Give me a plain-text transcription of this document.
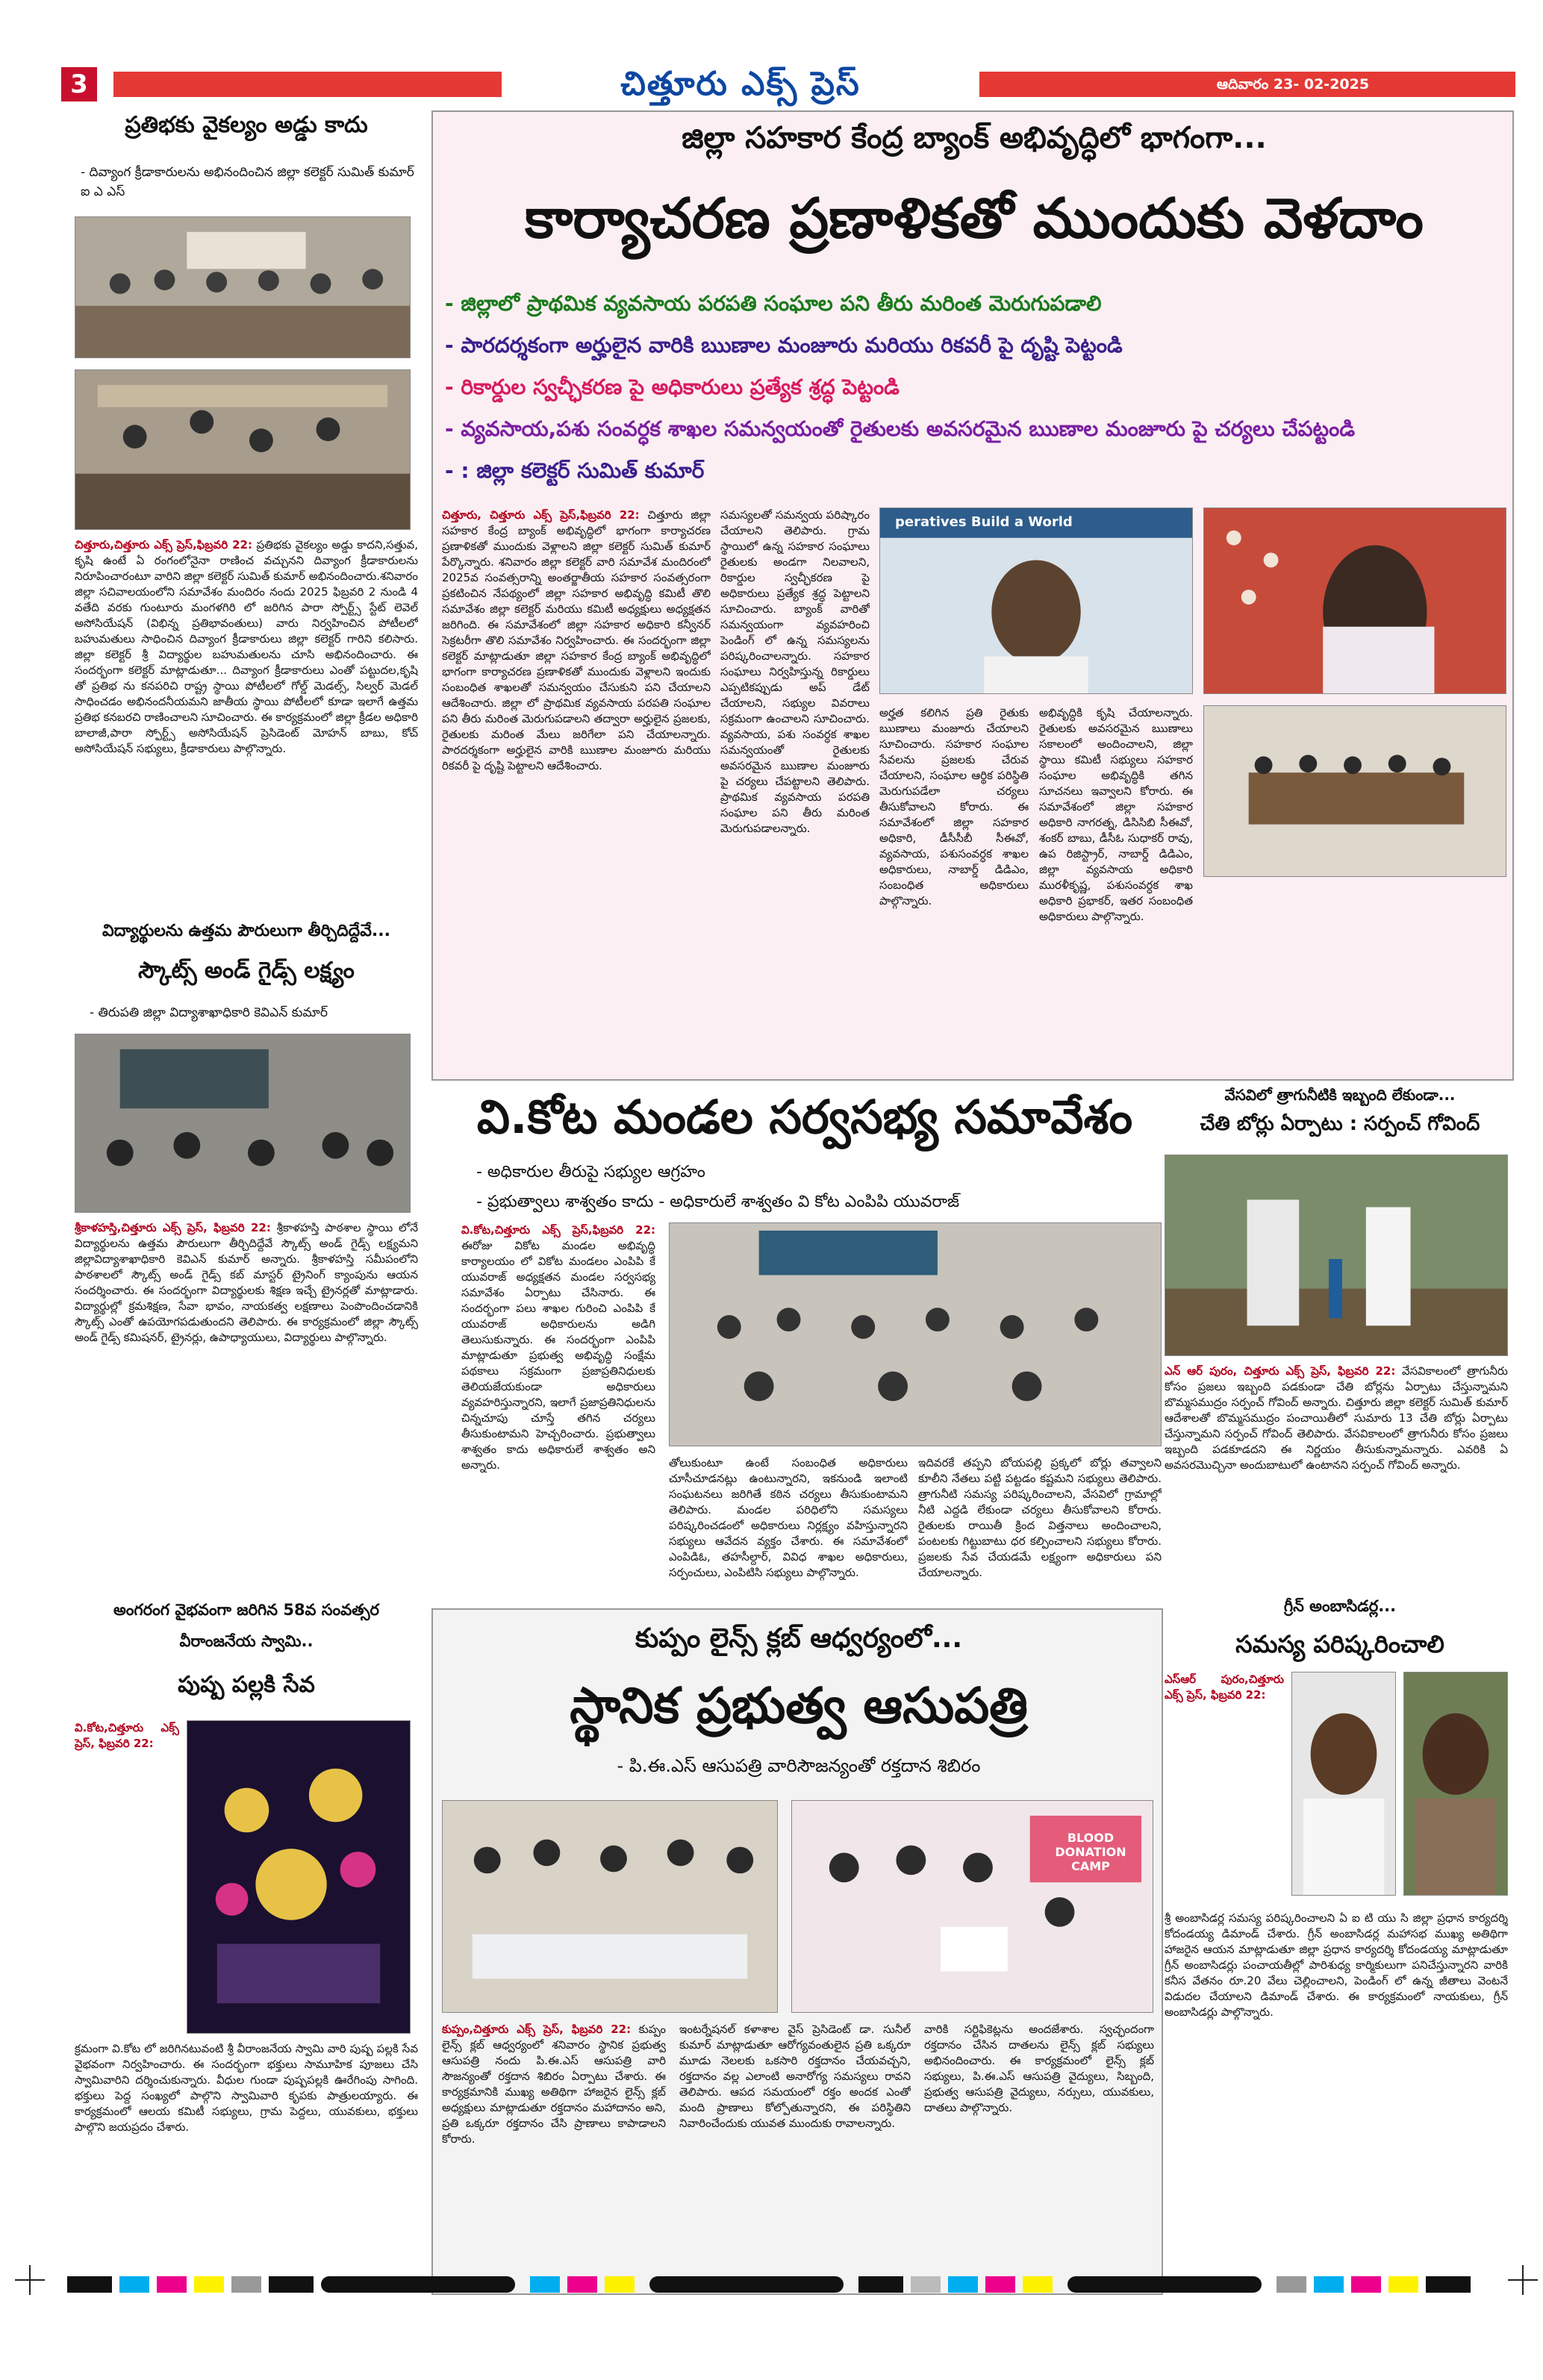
3	చిత్తూరు ఎక్స్ ప్రెస్	ఆదివారం 23- 02-2025
ప్రతిభకు వైకల్యం అడ్డు కాదు
- దివ్యాంగ క్రీడాకారులను అభినందించిన జిల్లా కలెక్టర్ సుమిత్ కుమార్ ఐ ఎ ఎస్
చిత్తూరు,చిత్తూరు ఎక్స్ ప్రెస్,ఫిబ్రవరి 22: ప్రతిభకు వైకల్యం అడ్డు కాదని,సత్తువ, కృషి ఉంటే ఏ రంగంలోనైనా రాణించ వచ్చునని దివ్యాంగ క్రీడాకారులను నిరూపించారంటూ వారిని జిల్లా కలెక్టర్ సుమిత్ కుమార్ అభినందించారు.శనివారం జిల్లా సచివాలయంలోని సమావేశం మందిరం నందు 2025 ఫిబ్రవరి 2 నుండి 4 వతేది వరకు గుంటూరు మంగళగిరి లో జరిగిన పారా స్పోర్ట్స్ స్టేట్ లెవెల్ అసోసియేషన్ (విభిన్న ప్రతిభావంతులు) వారు నిర్వహించిన పోటీలలో బహుమతులు సాధించిన దివ్యాంగ క్రీడాకారులు జిల్లా కలెక్టర్ గారిని కలిసారు. జిల్లా కలెక్టర్ శ్రీ విద్యార్థుల బహుమతులను చూసి అభినందించారు. ఈ సందర్భంగా కలెక్టర్ మాట్లాడుతూ... దివ్యాంగ క్రీడాకారులు ఎంతో పట్టుదల,కృషి తో ప్రతిభ ను కనపరిచి రాష్ట్ర స్థాయి పోటీలలో గోల్డ్ మెడల్స్, సిల్వర్ మెడల్ సాధించడం అభినందనీయమని జాతీయ స్థాయి పోటీలలో కూడా ఇలాగే ఉత్తమ ప్రతిభ కనబరచి రాణించాలని సూచించారు. ఈ కార్యక్రమంలో జిల్లా క్రీడల అధికారి బాలాజీ,పారా స్పోర్ట్స్ అసోసియేషన్ ప్రెసిడెంట్ మోహన్ బాబు, కోచ్ అసోసియేషన్ సభ్యులు, క్రీడాకారులు పాల్గొన్నారు.
విద్యార్థులను ఉత్తమ పౌరులుగా తీర్చిదిద్దేవే...
స్కౌట్స్ అండ్ గైడ్స్ లక్ష్యం
- తిరుపతి జిల్లా విద్యాశాఖాధికారి కెవిఎన్ కుమార్
శ్రీకాళహస్తి,చిత్తూరు ఎక్స్ ప్రెస్, ఫిబ్రవరి 22: శ్రీకాళహస్తి పాఠశాల స్థాయి లోనే విద్యార్థులను ఉత్తమ పౌరులుగా తీర్చిదిద్దేవే స్కౌట్స్ అండ్ గైడ్స్ లక్ష్యమని జిల్లావిద్యాశాఖాధికారి కెవిఎన్ కుమార్ అన్నారు. శ్రీకాళహస్తి సమీపంలోని పాఠశాలలో స్కౌట్స్ అండ్ గైడ్స్ కబ్ మాస్టర్ ట్రైనింగ్ క్యాంపును ఆయన సందర్శించారు. ఈ సందర్భంగా విద్యార్థులకు శిక్షణ ఇచ్చే ట్రైనర్లతో మాట్లాడారు. విద్యార్థుల్లో క్రమశిక్షణ, సేవా భావం, నాయకత్వ లక్షణాలు పెంపొందించడానికి స్కౌట్స్ ఎంతో ఉపయోగపడుతుందని తెలిపారు. ఈ కార్యక్రమంలో జిల్లా స్కౌట్స్ అండ్ గైడ్స్ కమిషనర్, ట్రైనర్లు, ఉపాధ్యాయులు, విద్యార్థులు పాల్గొన్నారు.
అంగరంగ వైభవంగా జరిగిన 58వ సంవత్సర
వీరాంజనేయ స్వామి..
పుష్ప పల్లకి సేవ
వి.కోట,చిత్తూరు ఎక్స్ ప్రెస్, ఫిబ్రవరి 22:
క్రమంగా వి.కోట లో జరిగినటువంటి శ్రీ వీరాంజనేయ స్వామి వారి పుష్ప పల్లకి సేవ వైభవంగా నిర్వహించారు. ఈ సందర్భంగా భక్తులు సామూహిక పూజలు చేసి స్వామివారిని దర్శించుకున్నారు. వీధుల గుండా పుష్పపల్లకి ఊరేగింపు సాగింది. భక్తులు పెద్ద సంఖ్యలో పాల్గొని స్వామివారి కృపకు పాత్రులయ్యారు. ఈ కార్యక్రమంలో ఆలయ కమిటీ సభ్యులు, గ్రామ పెద్దలు, యువకులు, భక్తులు పాల్గొని జయప్రదం చేశారు.
జిల్లా సహకార కేంద్ర బ్యాంక్ అభివృద్ధిలో భాగంగా...
కార్యాచరణ ప్రణాళికతో ముందుకు వెళదాం
- జిల్లాలో ప్రాథమిక వ్యవసాయ పరపతి సంఘాల పని తీరు మరింత మెరుగుపడాలి
- పారదర్శకంగా అర్హులైన వారికి ఋణాల మంజూరు మరియు రికవరీ పై దృష్టి పెట్టండి
- రికార్డుల స్వచ్ఛీకరణ పై అధికారులు ప్రత్యేక శ్రద్ధ పెట్టండి
- వ్యవసాయ,పశు సంవర్ధక శాఖల సమన్వయంతో రైతులకు అవసరమైన ఋణాల మంజూరు పై చర్యలు చేపట్టండి
- : జిల్లా కలెక్టర్ సుమిత్ కుమార్
చిత్తూరు, చిత్తూరు ఎక్స్ ప్రెస్,ఫిబ్రవరి 22: చిత్తూరు జిల్లా సహకార కేంద్ర బ్యాంక్ అభివృద్ధిలో భాగంగా కార్యాచరణ ప్రణాళికతో ముందుకు వెళ్లాలని జిల్లా కలెక్టర్ సుమిత్ కుమార్ పేర్కొన్నారు. శనివారం జిల్లా కలెక్టర్ వారి సమావేశ మందిరంలో 2025వ సంవత్సరాన్ని అంతర్జాతీయ సహకార సంవత్సరంగా ప్రకటించిన నేపథ్యంలో జిల్లా సహకార అభివృద్ధి కమిటీ తొలి సమావేశం జిల్లా కలెక్టర్ మరియు కమిటీ అధ్యక్షులు అధ్యక్షతన జరిగింది. ఈ సమావేశంలో జిల్లా సహకార అధికారి కన్వీనర్ సెక్రటరీగా తొలి సమావేశం నిర్వహించారు. ఈ సందర్భంగా జిల్లా కలెక్టర్ మాట్లాడుతూ జిల్లా సహకార కేంద్ర బ్యాంక్ అభివృద్ధిలో భాగంగా కార్యాచరణ ప్రణాళికతో ముందుకు వెళ్లాలని ఇందుకు సంబంధిత శాఖలతో సమన్వయం చేసుకుని పని చేయాలని ఆదేశించారు. జిల్లా లో ప్రాథమిక వ్యవసాయ పరపతి సంఘాల పని తీరు మరింత మెరుగుపడాలని తద్వారా అర్హులైన ప్రజలకు, రైతులకు మరింత మేలు జరిగేలా పని చేయాలన్నారు. పారదర్శకంగా అర్హులైన వారికి ఋణాల మంజూరు మరియు రికవరీ పై దృష్టి పెట్టాలని ఆదేశించారు.
సమస్యలతో సమన్వయ పరిష్కారం చేయాలని తెలిపారు. గ్రామ స్థాయిలో ఉన్న సహకార సంఘాలు రైతులకు అండగా నిలవాలని, రికార్డుల స్వచ్ఛీకరణ పై అధికారులు ప్రత్యేక శ్రద్ధ పెట్టాలని సూచించారు. బ్యాంక్ వారితో సమన్వయంగా వ్యవహరించి పెండింగ్ లో ఉన్న సమస్యలను పరిష్కరించాలన్నారు. సహకార సంఘాలు నిర్వహిస్తున్న రికార్డులు ఎప్పటికప్పుడు అప్ డేట్ చేయాలని, సభ్యుల వివరాలు సక్రమంగా ఉంచాలని సూచించారు. వ్యవసాయ, పశు సంవర్ధక శాఖల సమన్వయంతో రైతులకు అవసరమైన ఋణాల మంజూరు పై చర్యలు చేపట్టాలని తెలిపారు. ప్రాథమిక వ్యవసాయ పరపతి సంఘాల పని తీరు మరింత మెరుగుపడాలన్నారు.
peratives Build a World
అర్హత కలిగిన ప్రతి రైతుకు ఋణాలు మంజూరు చేయాలని సూచించారు. సహకార సంఘాల సేవలను ప్రజలకు చేరువ చేయాలని, సంఘాల ఆర్థిక పరిస్థితి మెరుగుపడేలా చర్యలు తీసుకోవాలని కోరారు. ఈ సమావేశంలో జిల్లా సహకార అధికారి, డీసీసీబీ సీఈవో, వ్యవసాయ, పశుసంవర్ధక శాఖల అధికారులు, నాబార్డ్ డిడిఎం, సంబంధిత అధికారులు పాల్గొన్నారు.
అభివృద్ధికి కృషి చేయాలన్నారు. రైతులకు అవసరమైన ఋణాలు సకాలంలో అందించాలని, జిల్లా స్థాయి కమిటీ సభ్యులు సహకార సంఘాల అభివృద్ధికి తగిన సూచనలు ఇవ్వాలని కోరారు. ఈ సమావేశంలో జిల్లా సహకార అధికారి నాగరత్న, డిసిసిబి సీఈవో, శంకర్ బాబు, డీసీఓ సుధాకర్ రావు, ఉప రిజిస్ట్రార్, నాబార్డ్ డిడిఎం, జిల్లా వ్యవసాయ అధికారి మురళీకృష్ణ, పశుసంవర్ధక శాఖ అధికారి ప్రభాకర్, ఇతర సంబంధిత అధికారులు పాల్గొన్నారు.
వి.కోట మండల సర్వసభ్య సమావేశం
- అధికారుల తీరుపై సభ్యుల ఆగ్రహం
- ప్రభుత్వాలు శాశ్వతం కాదు - అధికారులే శాశ్వతం వి కోట ఎంపిపి యువరాజ్
వి.కోట,చిత్తూరు ఎక్స్ ప్రెస్,ఫిబ్రవరి 22: ఈరోజు వికోట మండల అభివృద్ధి కార్యాలయం లో వికోట మండలం ఎంపిపి కే యువరాజ్ అధ్యక్షతన మండల సర్వసభ్య సమావేశం ఏర్పాటు చేసినారు. ఈ సందర్భంగా పలు శాఖల గురించి ఎంపిపి కే యువరాజ్ అధికారులను అడిగి తెలుసుకున్నారు. ఈ సందర్భంగా ఎంపిపి మాట్లాడుతూ ప్రభుత్వ అభివృద్ధి సంక్షేమ పథకాలు సక్రమంగా ప్రజాప్రతినిధులకు తెలియజేయకుండా అధికారులు వ్యవహరిస్తున్నారని, ఇలాగే ప్రజాప్రతినిధులను చిన్నచూపు చూస్తే తగిన చర్యలు తీసుకుంటామని హెచ్చరించారు. ప్రభుత్వాలు శాశ్వతం కాదు అధికారులే శాశ్వతం అని అన్నారు.	తోలుకుంటూ ఉంటే సంబంధిత అధికారులు చూసీచూడనట్లు ఉంటున్నారని, ఇకనుండి ఇలాంటి సంఘటనలు జరిగితే కఠిన చర్యలు తీసుకుంటామని తెలిపారు. మండల పరిధిలోని సమస్యలు పరిష్కరించడంలో అధికారులు నిర్లక్ష్యం వహిస్తున్నారని సభ్యులు ఆవేదన వ్యక్తం చేశారు. ఈ సమావేశంలో ఎంపిడిఓ, తహసీల్దార్, వివిధ శాఖల అధికారులు, సర్పంచులు, ఎంపిటిసి సభ్యులు పాల్గొన్నారు.
ఇదివరకే తప్పని బోయపల్లి ప్రక్కలో బోర్లు తవ్వాలని కూలీని నేతలు పట్టి పట్టడం కష్టమని సభ్యులు తెలిపారు. త్రాగునీటి సమస్య పరిష్కరించాలని, వేసవిలో గ్రామాల్లో నీటి ఎద్దడి లేకుండా చర్యలు తీసుకోవాలని కోరారు. రైతులకు రాయితీ క్రింద విత్తనాలు అందించాలని, పంటలకు గిట్టుబాటు ధర కల్పించాలని సభ్యులు కోరారు. ప్రజలకు సేవ చేయడమే లక్ష్యంగా అధికారులు పని చేయాలన్నారు.
వేసవిలో త్రాగునీటికి ఇబ్బంది లేకుండా...
చేతి బోర్లు ఏర్పాటు : సర్పంచ్ గోవింద్
ఎన్ ఆర్ పురం, చిత్తూరు ఎక్స్ ప్రెస్, ఫిబ్రవరి 22: వేసవికాలంలో త్రాగునీరు కోసం ప్రజలు ఇబ్బంది పడకుండా చేతి బోర్లను ఏర్పాటు చేస్తున్నామని బొమ్మసముద్రం సర్పంచ్ గోవింద్ అన్నారు. చిత్తూరు జిల్లా కలెక్టర్ సుమిత్ కుమార్ ఆదేశాలతో బొమ్మసముద్రం పంచాయితీలో సుమారు 13 చేతి బోర్లు ఏర్పాటు చేస్తున్నామని సర్పంచ్ గోవింద్ తెలిపారు. వేసవికాలంలో త్రాగునీరు కోసం ప్రజలు ఇబ్బంది పడకూడదని ఈ నిర్ణయం తీసుకున్నామన్నారు. ఎవరికి ఏ అవసరమొచ్చినా అందుబాటులో ఉంటానని సర్పంచ్ గోవింద్ అన్నారు.
గ్రీన్ అంబాసిడర్ల...
సమస్య పరిష్కరించాలి
ఎస్ఆర్ పురం,చిత్తూరు ఎక్స్ ప్రెస్, ఫిబ్రవరి 22:
శ్రీ అంబాసిడర్ల సమస్య పరిష్కరించాలని ఏ ఐ టి యు సి జిల్లా ప్రధాన కార్యదర్శి కోదండయ్య డిమాండ్ చేశారు. గ్రీన్ అంబాసిడర్ల మహాసభ ముఖ్య అతిథిగా హాజరైన ఆయన మాట్లాడుతూ జిల్లా ప్రధాన కార్యదర్శి కోదండయ్య మాట్లాడుతూ గ్రీన్ అంబాసిడర్లు పంచాయతీల్లో పారిశుధ్య కార్మికులుగా పనిచేస్తున్నారని వారికి కనీస వేతనం రూ.20 వేలు చెల్లించాలని, పెండింగ్ లో ఉన్న జీతాలు వెంటనే విడుదల చేయాలని డిమాండ్ చేశారు. ఈ కార్యక్రమంలో నాయకులు, గ్రీన్ అంబాసిడర్లు పాల్గొన్నారు.
కుప్పం లైన్స్ క్లబ్ ఆధ్వర్యంలో...
స్థానిక ప్రభుత్వ ఆసుపత్రి
- పి.ఈ.ఎస్ ఆసుపత్రి వారిసౌజన్యంతో రక్తదాన శిబిరం
BLOOD DONATION CAMP
కుప్పం,చిత్తూరు ఎక్స్ ప్రెస్, ఫిబ్రవరి 22: కుప్పం లైన్స్ క్లబ్ ఆధ్వర్యంలో శనివారం స్థానిక ప్రభుత్వ ఆసుపత్రి నందు పి.ఈ.ఎస్ ఆసుపత్రి వారి సౌజన్యంతో రక్తదాన శిబిరం ఏర్పాటు చేశారు. ఈ కార్యక్రమానికి ముఖ్య అతిథిగా హాజరైన లైన్స్ క్లబ్ అధ్యక్షులు మాట్లాడుతూ రక్తదానం మహాదానం అని, ప్రతి ఒక్కరూ రక్తదానం చేసి ప్రాణాలు కాపాడాలని కోరారు.
ఇంటర్నేషనల్ కళాశాల వైస్ ప్రెసిడెంట్ డా. సునీల్ కుమార్ మాట్లాడుతూ ఆరోగ్యవంతులైన ప్రతి ఒక్కరూ మూడు నెలలకు ఒకసారి రక్తదానం చేయవచ్చని, రక్తదానం వల్ల ఎలాంటి అనారోగ్య సమస్యలు రావని తెలిపారు. ఆపద సమయంలో రక్తం అందక ఎంతో మంది ప్రాణాలు కోల్పోతున్నారని, ఈ పరిస్థితిని నివారించేందుకు యువత ముందుకు రావాలన్నారు.
వారికి సర్టిఫికెట్లను అందజేశారు. స్వచ్ఛందంగా రక్తదానం చేసిన దాతలను లైన్స్ క్లబ్ సభ్యులు అభినందించారు. ఈ కార్యక్రమంలో లైన్స్ క్లబ్ సభ్యులు, పి.ఈ.ఎస్ ఆసుపత్రి వైద్యులు, సిబ్బంది, ప్రభుత్వ ఆసుపత్రి వైద్యులు, నర్సులు, యువకులు, దాతలు పాల్గొన్నారు.
